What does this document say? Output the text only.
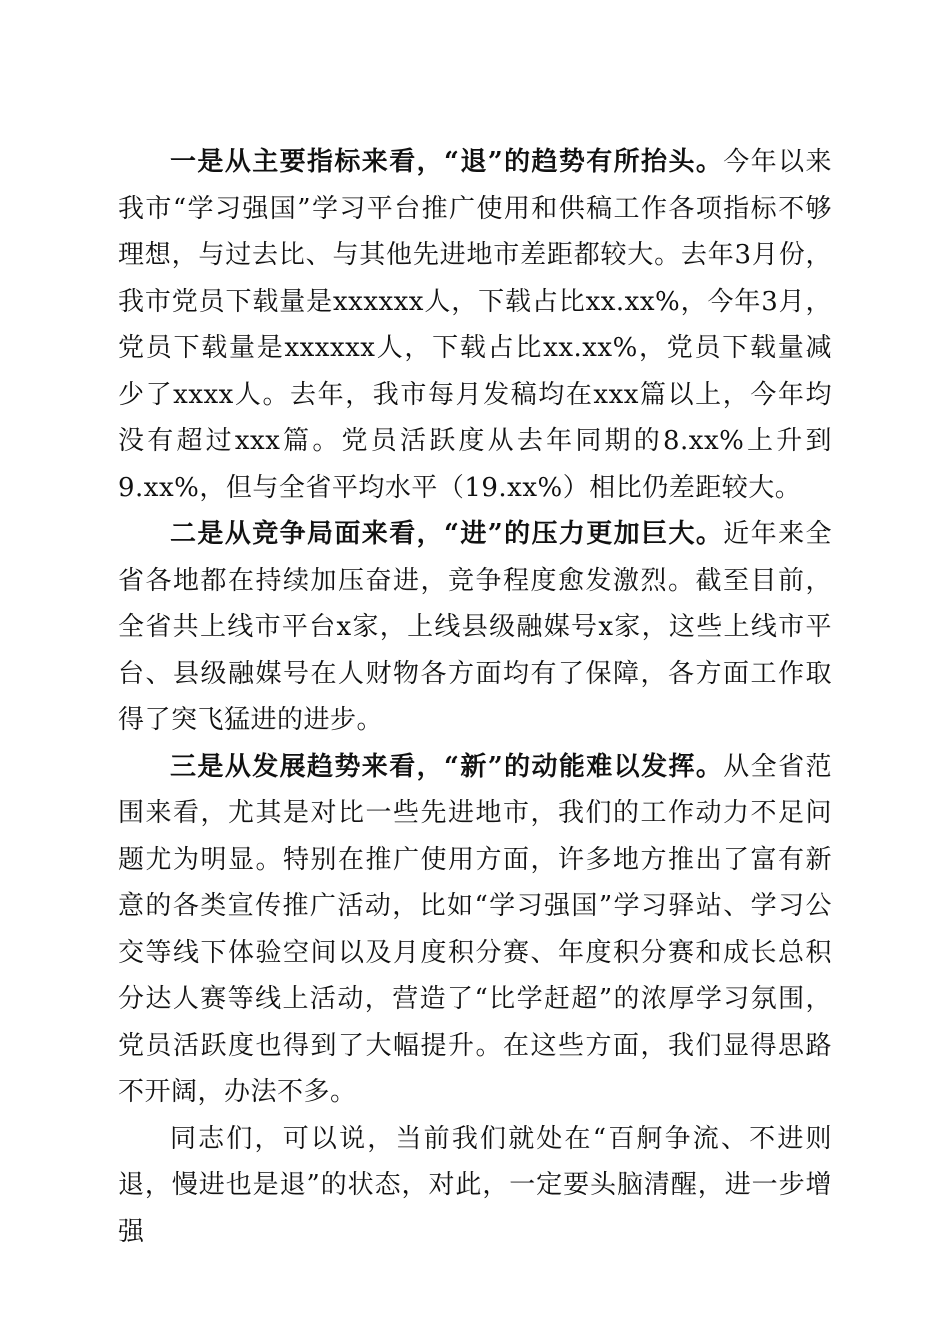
一是从主要指标来看，“退”的趋势有所抬头。今年以来我市“学习强国”学习平台推广使用和供稿工作各项指标不够理想，与过去比、与其他先进地市差距都较大。去年3月份，我市党员下载量是xxxxxx人，下载占比xx.xx%，今年3月，党员下载量是xxxxxx人，下载占比xx.xx%，党员下载量减少了xxxx人。去年，我市每月发稿均在xxx篇以上，今年均没有超过xxx篇。党员活跃度从去年同期的8.xx%上升到9.xx%，但与全省平均水平（19.xx%）相比仍差距较大。

二是从竞争局面来看，“进”的压力更加巨大。近年来全省各地都在持续加压奋进，竞争程度愈发激烈。截至目前，全省共上线市平台x家，上线县级融媒号x家，这些上线市平台、县级融媒号在人财物各方面均有了保障，各方面工作取得了突飞猛进的进步。

三是从发展趋势来看，“新”的动能难以发挥。从全省范围来看，尤其是对比一些先进地市，我们的工作动力不足问题尤为明显。特别在推广使用方面，许多地方推出了富有新意的各类宣传推广活动，比如“学习强国”学习驿站、学习公交等线下体验空间以及月度积分赛、年度积分赛和成长总积分达人赛等线上活动，营造了“比学赶超”的浓厚学习氛围，党员活跃度也得到了大幅提升。在这些方面，我们显得思路不开阔，办法不多。

同志们，可以说，当前我们就处在“百舸争流、不进则退，慢进也是退”的状态，对此，一定要头脑清醒，进一步增强
